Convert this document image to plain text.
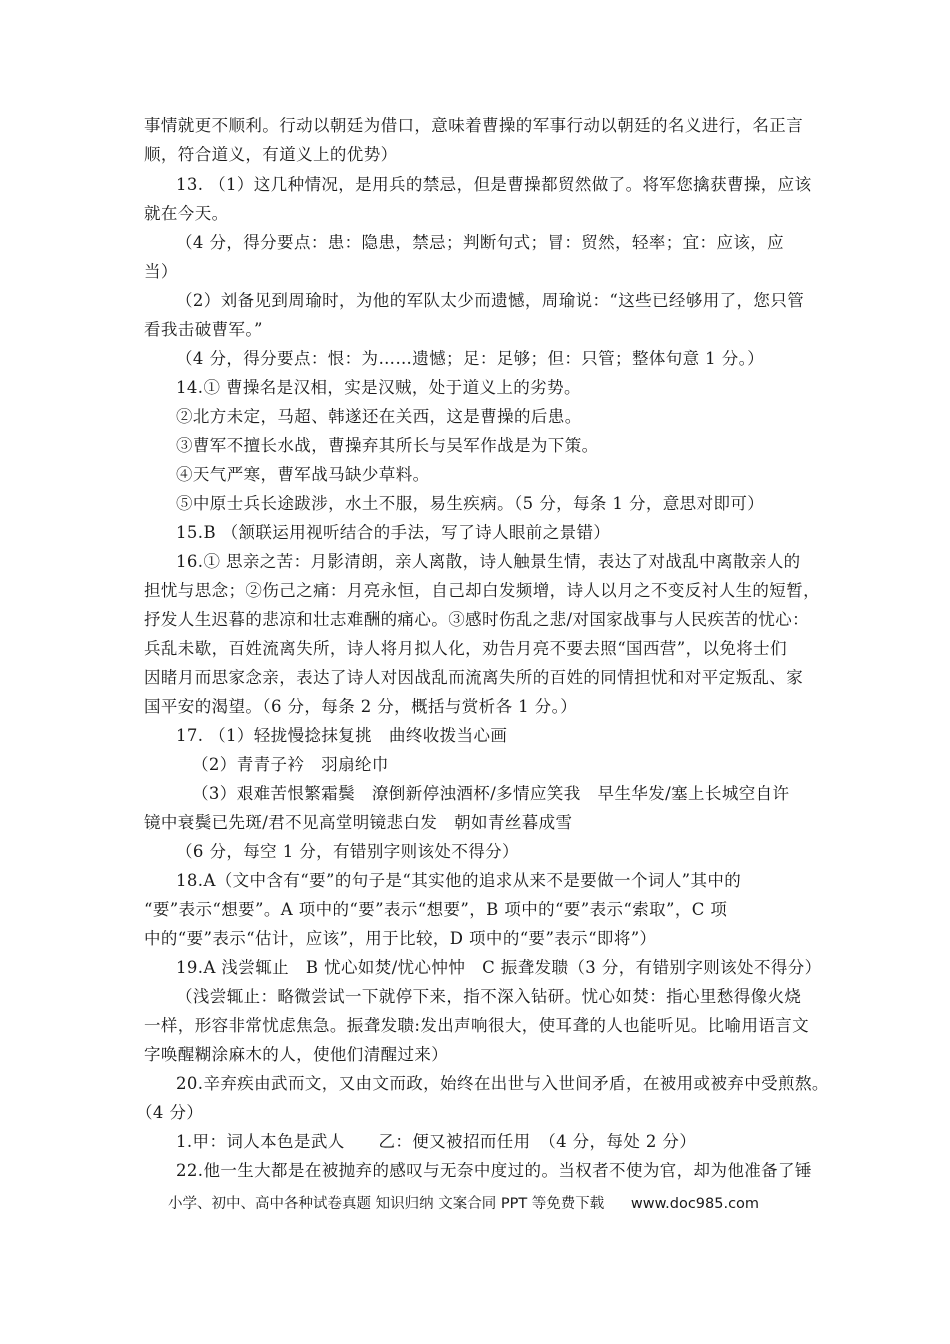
事情就更不顺利。行动以朝廷为借口，意味着曹操的军事行动以朝廷的名义进行，名正言
顺，符合道义，有道义上的优势）
13. （1）这几种情况，是用兵的禁忌，但是曹操都贸然做了。将军您擒获曹操，应该
就在今天。
（4 分，得分要点：患：隐患，禁忌；判断句式；冒：贸然，轻率；宜：应该，应
当）
（2）刘备见到周瑜时，为他的军队太少而遗憾，周瑜说：“这些已经够用了，您只管
看我击破曹军。”
（4 分，得分要点：恨：为……遗憾；足：足够；但：只管；整体句意 1 分。）
14.① 曹操名是汉相，实是汉贼，处于道义上的劣势。
②北方未定，马超、韩遂还在关西，这是曹操的后患。
③曹军不擅长水战，曹操弃其所长与吴军作战是为下策。
④天气严寒，曹军战马缺少草料。
⑤中原士兵长途跋涉，水土不服，易生疾病。（5 分，每条 1 分，意思对即可）
15.B （颔联运用视听结合的手法，写了诗人眼前之景错）
16.① 思亲之苦：月影清朗，亲人离散，诗人触景生情，表达了对战乱中离散亲人的
担忧与思念；②伤己之痛：月亮永恒，自己却白发频增，诗人以月之不变反衬人生的短暂，
抒发人生迟暮的悲凉和壮志难酬的痛心。③感时伤乱之悲/对国家战事与人民疾苦的忧心：
兵乱未歇，百姓流离失所，诗人将月拟人化，劝告月亮不要去照“国西营”，以免将士们
因睹月而思家念亲，表达了诗人对因战乱而流离失所的百姓的同情担忧和对平定叛乱、家
国平安的渴望。（6 分，每条 2 分，概括与赏析各 1 分。）
17. （1）轻拢慢捻抹复挑　曲终收拨当心画
（2）青青子衿　羽扇纶巾
（3）艰难苦恨繁霜鬓　潦倒新停浊酒杯/多情应笑我　早生华发/塞上长城空自许
镜中衰鬓已先斑/君不见高堂明镜悲白发　朝如青丝暮成雪
（6 分，每空 1 分，有错别字则该处不得分）
18.A（文中含有“要”的句子是“其实他的追求从来不是要做一个词人”其中的
“要”表示“想要”。A 项中的“要”表示“想要”，B 项中的“要”表示“索取”，C 项
中的“要”表示“估计，应该”，用于比较，D 项中的“要”表示“即将”）
19.A 浅尝辄止　B 忧心如焚/忧心忡忡　C 振聋发聩（3 分，有错别字则该处不得分）
（浅尝辄止：略微尝试一下就停下来，指不深入钻研。忧心如焚：指心里愁得像火烧
一样，形容非常忧虑焦急。振聋发聩:发出声响很大，使耳聋的人也能听见。比喻用语言文
字唤醒糊涂麻木的人，使他们清醒过来）
20.辛弃疾由武而文，又由文而政，始终在出世与入世间矛盾，在被用或被弃中受煎熬。
（4 分）
1.甲：词人本色是武人　　乙：便又被招而任用　（4 分，每处 2 分）
22.他一生大都是在被抛弃的感叹与无奈中度过的。当权者不使为官，却为他准备了锤
小学、初中、高中各种试卷真题 知识归纳 文案合同 PPT 等免费下载 www.doc985.com
